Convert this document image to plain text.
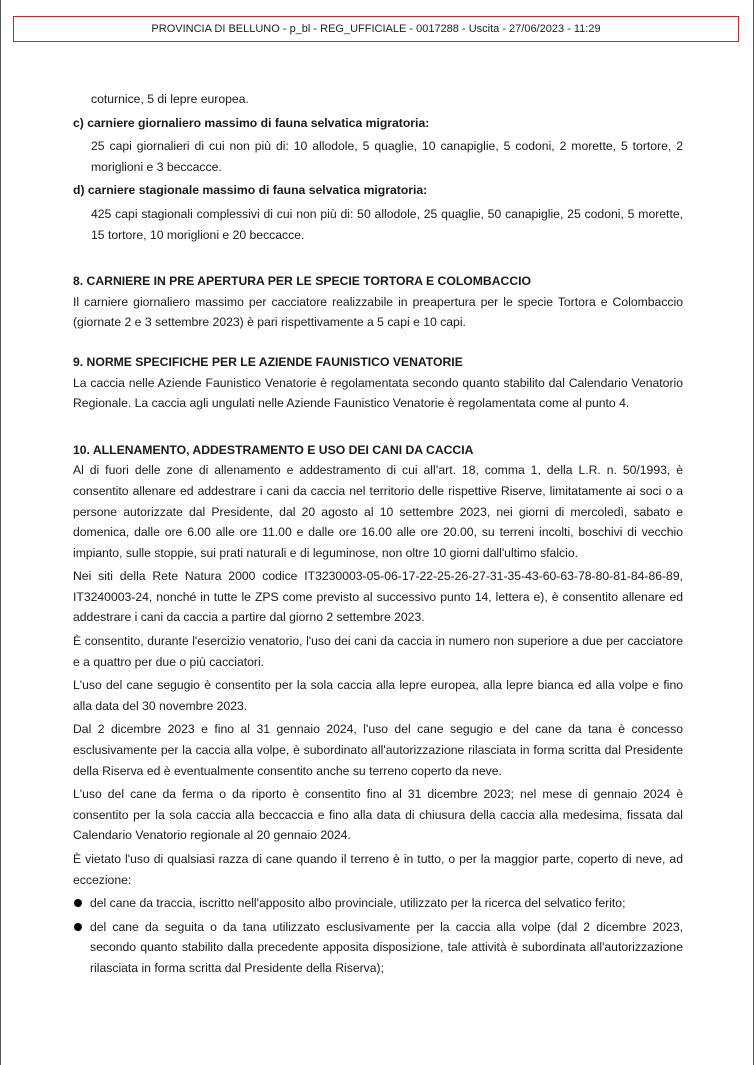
PROVINCIA DI BELLUNO - p_bl - REG_UFFICIALE - 0017288 - Uscita - 27/06/2023 - 11:29

coturnice, 5 di lepre europea.

c) carniere giornaliero massimo di fauna selvatica migratoria:

25 capi giornalieri di cui non più di: 10 allodole, 5 quaglie, 10 canapiglie, 5 codoni, 2 morette, 5 tortore, 2 moriglioni e 3 beccacce.

d) carniere stagionale massimo di fauna selvatica migratoria:

425 capi stagionali complessivi di cui non più di: 50 allodole, 25 quaglie, 50 canapiglie, 25 codoni, 5 morette, 15 tortore, 10 moriglioni e 20 beccacce.

8. CARNIERE IN PRE APERTURA PER LE SPECIE TORTORA E COLOMBACCIO

Il carniere giornaliero massimo per cacciatore realizzabile in preapertura per le specie Tortora e Colombaccio (giornate 2 e 3 settembre 2023) è pari rispettivamente a 5 capi e 10 capi.

9. NORME SPECIFICHE PER LE AZIENDE FAUNISTICO VENATORIE

La caccia nelle Aziende Faunistico Venatorie è regolamentata secondo quanto stabilito dal Calendario Venatorio Regionale. La caccia agli ungulati nelle Aziende Faunistico Venatorie è regolamentata come al punto 4.

10. ALLENAMENTO, ADDESTRAMENTO E USO DEI CANI DA CACCIA

Al di fuori delle zone di allenamento e addestramento di cui all’art. 18, comma 1, della L.R. n. 50/1993, è consentito allenare ed addestrare i cani da caccia nel territorio delle rispettive Riserve, limitatamente ai soci o a persone autorizzate dal Presidente, dal 20 agosto al 10 settembre 2023, nei giorni di mercoledì, sabato e domenica, dalle ore 6.00 alle ore 11.00 e dalle ore 16.00 alle ore 20.00, su terreni incolti, boschivi di vecchio impianto, sulle stoppie, sui prati naturali e di leguminose, non oltre 10 giorni dall'ultimo sfalcio.

Nei siti della Rete Natura 2000 codice IT3230003-05-06-17-22-25-26-27-31-35-43-60-63-78-80-81-84-86-89, IT3240003-24, nonché in tutte le ZPS come previsto al successivo punto 14, lettera e), è consentito allenare ed addestrare i cani da caccia a partire dal giorno 2 settembre 2023.

È consentito, durante l'esercizio venatorio, l'uso dei cani da caccia in numero non superiore a due per cacciatore e a quattro per due o più cacciatori.

L'uso del cane segugio è consentito per la sola caccia alla lepre europea, alla lepre bianca ed alla volpe e fino alla data del 30 novembre 2023.

Dal 2 dicembre 2023 e fino al 31 gennaio 2024, l'uso del cane segugio e del cane da tana è concesso esclusivamente per la caccia alla volpe, è subordinato all'autorizzazione rilasciata in forma scritta dal Presidente della Riserva ed è eventualmente consentito anche su terreno coperto da neve.

L'uso del cane da ferma o da riporto è consentito fino al 31 dicembre 2023; nel mese di gennaio 2024 è consentito per la sola caccia alla beccaccia e fino alla data di chiusura della caccia alla medesima, fissata dal Calendario Venatorio regionale al 20 gennaio 2024.

È vietato l'uso di qualsiasi razza di cane quando il terreno è in tutto, o per la maggior parte, coperto di neve, ad eccezione:

del cane da traccia, iscritto nell'apposito albo provinciale, utilizzato per la ricerca del selvatico ferito;
del cane da seguita o da tana utilizzato esclusivamente per la caccia alla volpe (dal 2 dicembre 2023, secondo quanto stabilito dalla precedente apposita disposizione, tale attività è subordinata all'autorizzazione rilasciata in forma scritta dal Presidente della Riserva);
